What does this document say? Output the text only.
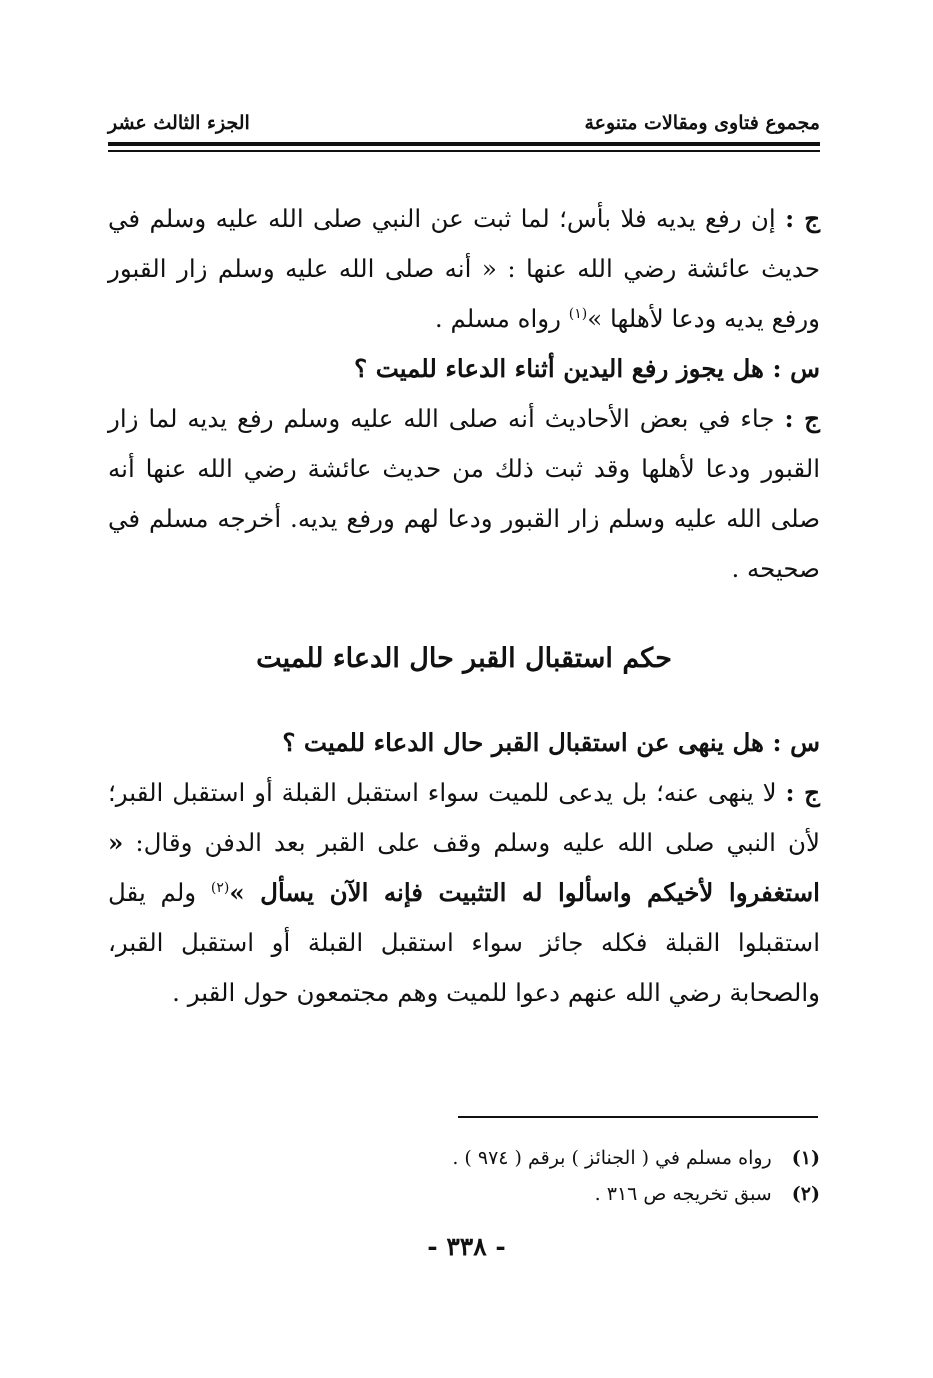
مجموع فتاوى ومقالات متنوعة
الجزء الثالث عشر

ج : إن رفع يديه فلا بأس؛ لما ثبت عن النبي صلى الله عليه وسلم في حديث عائشة رضي الله عنها : « أنه صلى الله عليه وسلم زار القبور ورفع يديه ودعا لأهلها »$^{(١)}$ رواه مسلم .

س : هل يجوز رفع اليدين أثناء الدعاء للميت ؟

ج : جاء في بعض الأحاديث أنه صلى الله عليه وسلم رفع يديه لما زار القبور ودعا لأهلها وقد ثبت ذلك من حديث عائشة رضي الله عنها أنه صلى الله عليه وسلم زار القبور ودعا لهم ورفع يديه. أخرجه مسلم في صحيحه .

حكم استقبال القبر حال الدعاء للميت

س : هل ينهى عن استقبال القبر حال الدعاء للميت ؟

ج : لا ينهى عنه؛ بل يدعى للميت سواء استقبل القبلة أو استقبل القبر؛ لأن النبي صلى الله عليه وسلم وقف على القبر بعد الدفن وقال: « استغفروا لأخيكم واسألوا له التثبيت فإنه الآن يسأل »$^{(٢)}$ ولم يقل استقبلوا القبلة فكله جائز سواء استقبل القبلة أو استقبل القبر، والصحابة رضي الله عنهم دعوا للميت وهم مجتمعون حول القبر .

(١) رواه مسلم في ( الجنائز ) برقم ( ٩٧٤ ) .

(٢) سبق تخريجه ص ٣١٦ .

- ٣٣٨ -
